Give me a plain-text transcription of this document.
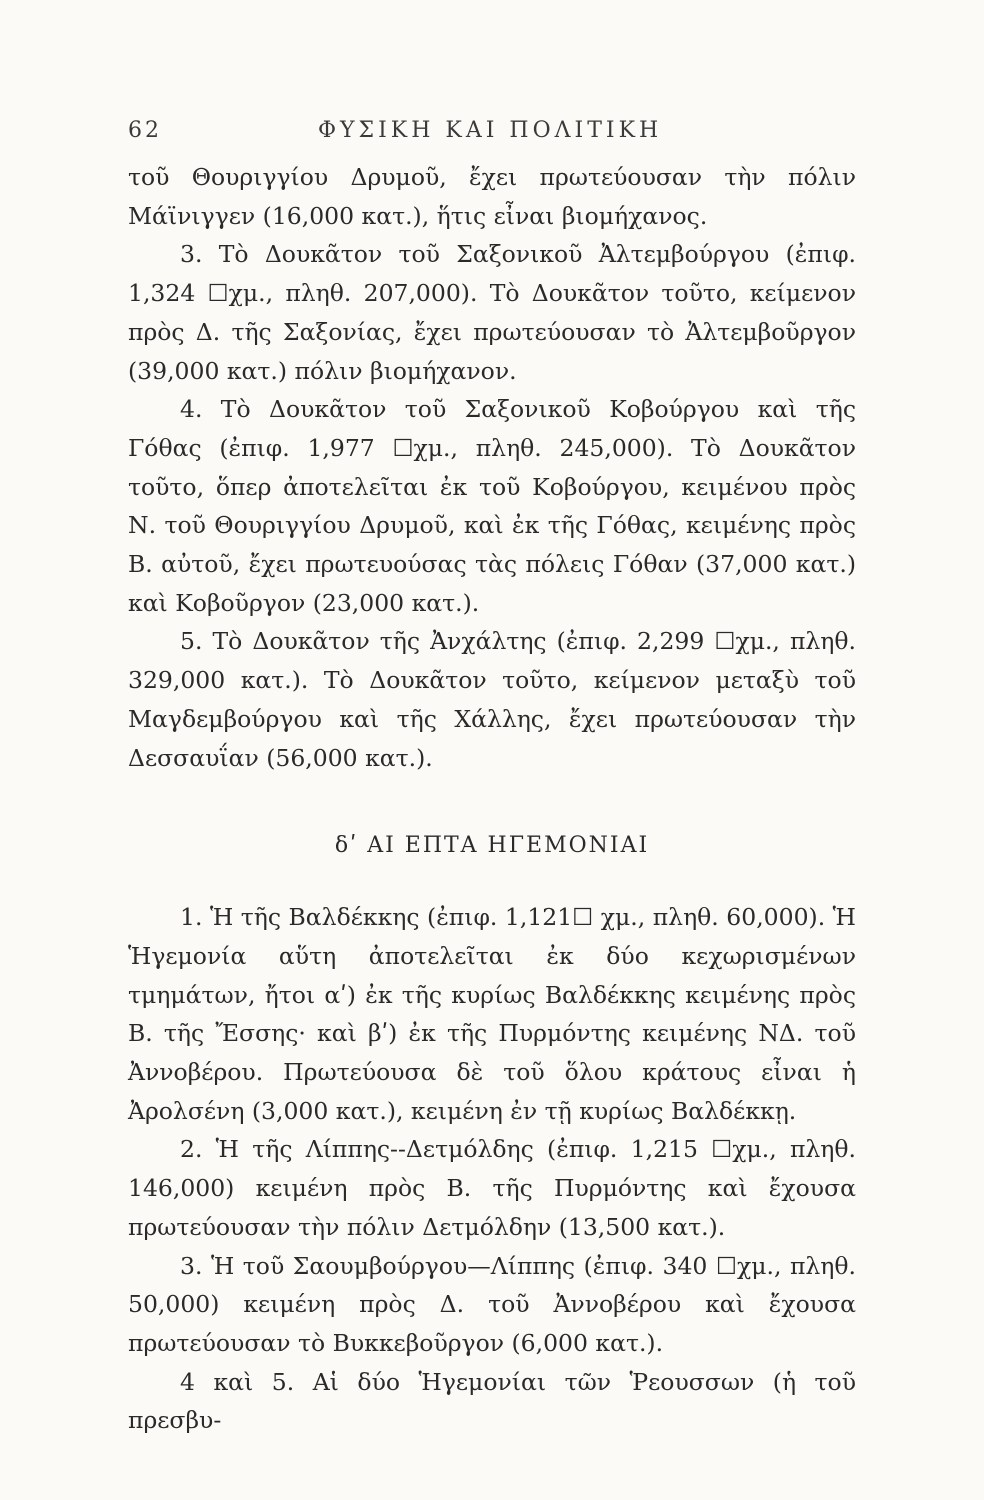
62	ΦΥΣΙΚΗ ΚΑΙ ΠΟΛΙΤΙΚΗ

τοῦ Θουριγγίου Δρυμοῦ, ἔχει πρωτεύουσαν τὴν πόλιν Μάϊνιγγεν (16,000 κατ.), ἥτις εἶναι βιομήχανος.

3. Τὸ Δουκᾶτον τοῦ Σαξονικοῦ Ἀλτεμβούργου (ἐπιφ. 1,324 ☐χμ., πληθ. 207,000). Τὸ Δουκᾶτον τοῦτο, κείμενον πρὸς Δ. τῆς Σαξονίας, ἔχει πρωτεύουσαν τὸ Ἀλτεμβοῦργον (39,000 κατ.) πόλιν βιομήχανον.

4. Τὸ Δουκᾶτον τοῦ Σαξονικοῦ Κοβούργου καὶ τῆς Γόθας (ἐπιφ. 1,977 ☐χμ., πληθ. 245,000). Τὸ Δουκᾶτον τοῦτο, ὅπερ ἀποτελεῖται ἐκ τοῦ Κοβούργου, κειμένου πρὸς Ν. τοῦ Θουριγγίου Δρυμοῦ, καὶ ἐκ τῆς Γόθας, κειμένης πρὸς Β. αὐτοῦ, ἔχει πρωτευούσας τὰς πόλεις Γόθαν (37,000 κατ.) καὶ Κοβοῦργον (23,000 κατ.).

5. Τὸ Δουκᾶτον τῆς Ἀνχάλτης (ἐπιφ. 2,299 ☐χμ., πληθ. 329,000 κατ.). Τὸ Δουκᾶτον τοῦτο, κείμενον μεταξὺ τοῦ Μαγδεμβούργου καὶ τῆς Χάλλης, ἔχει πρωτεύουσαν τὴν Δεσσαυΐαν (56,000 κατ.).

δʹ ΑΙ ΕΠΤΑ ΗΓΕΜΟΝΙΑΙ

1. Ἡ τῆς Βαλδέκκης (ἐπιφ. 1,121☐ χμ., πληθ. 60,000). Ἡ Ἡγεμονία αὕτη ἀποτελεῖται ἐκ δύο κεχωρισμένων τμημάτων, ἤτοι αʹ) ἐκ τῆς κυρίως Βαλδέκκης κειμένης πρὸς Β. τῆς Ἔσσης· καὶ βʹ) ἐκ τῆς Πυρμόντης κειμένης ΝΔ. τοῦ Ἀννοβέρου. Πρωτεύουσα δὲ τοῦ ὅλου κράτους εἶναι ἡ Ἀρολσένη (3,000 κατ.), κειμένη ἐν τῇ κυρίως Βαλδέκκῃ.

2. Ἡ τῆς Λίππης--Δετμόλδης (ἐπιφ. 1,215 ☐χμ., πληθ. 146,000) κειμένη πρὸς Β. τῆς Πυρμόντης καὶ ἔχουσα πρωτεύουσαν τὴν πόλιν Δετμόλδην (13,500 κατ.).

3. Ἡ τοῦ Σαουμβούργου—Λίππης (ἐπιφ. 340 ☐χμ., πληθ. 50,000) κειμένη πρὸς Δ. τοῦ Ἀννοβέρου καὶ ἔχουσα πρωτεύουσαν τὸ Βυκκεβοῦργον (6,000 κατ.).

4 καὶ 5. Αἱ δύο Ἡγεμονίαι τῶν Ῥεουσσων (ἡ τοῦ πρεσβυ-
